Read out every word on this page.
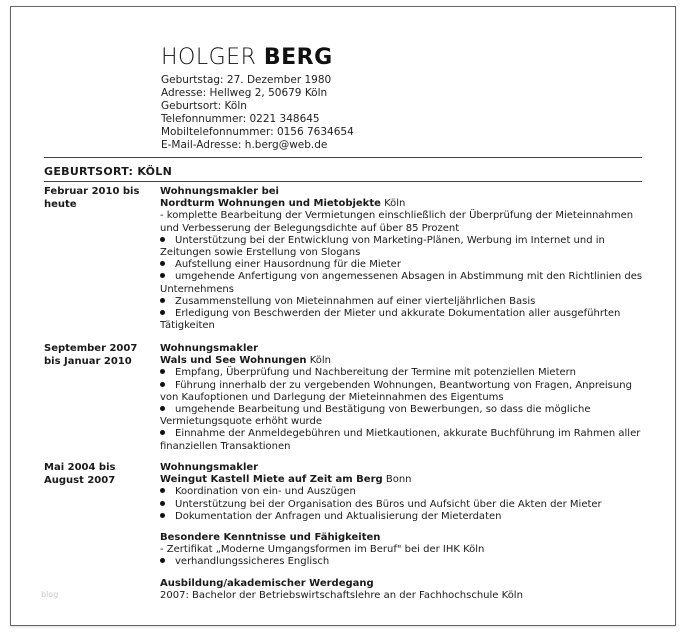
HOLGER BERG
Geburtstag: 27. Dezember 1980
Adresse: Hellweg 2, 50679 Köln
Geburtsort: Köln
Telefonnummer: 0221 348645
Mobiltelefonnummer: 0156 7634654
E-Mail-Adresse: h.berg@web.de
GEBURTSORT: KÖLN
Februar 2010 bis heute
Wohnungsmakler bei
Nordturm Wohnungen und Mietobjekte Köln
- komplette Bearbeitung der Vermietungen einschließlich der Überprüfung der Mieteinnahmen und Verbesserung der Belegungsdichte auf über 85 Prozent
Unterstützung bei der Entwicklung von Marketing-Plänen, Werbung im Internet und in Zeitungen sowie Erstellung von Slogans
Aufstellung einer Hausordnung für die Mieter
umgehende Anfertigung von angemessenen Absagen in Abstimmung mit den Richtlinien des Unternehmens
Zusammenstellung von Mieteinnahmen auf einer vierteljährlichen Basis
Erledigung von Beschwerden der Mieter und akkurate Dokumentation aller ausgeführten Tätigkeiten
September 2007 bis Januar 2010
Wohnungsmakler
Wals und See Wohnungen Köln
Empfang, Überprüfung und Nachbereitung der Termine mit potenziellen Mietern
Führung innerhalb der zu vergebenden Wohnungen, Beantwortung von Fragen, Anpreisung von Kaufoptionen und Darlegung der Mieteinnahmen des Eigentums
umgehende Bearbeitung und Bestätigung von Bewerbungen, so dass die mögliche Vermietungsquote erhöht wurde
Einnahme der Anmeldegebühren und Mietkautionen, akkurate Buchführung im Rahmen aller finanziellen Transaktionen
Mai 2004 bis August 2007
Wohnungsmakler
Weingut Kastell Miete auf Zeit am Berg Bonn
Koordination von ein- und Auszügen
Unterstützung bei der Organisation des Büros und Aufsicht über die Akten der Mieter
Dokumentation der Anfragen und Aktualisierung der Mieterdaten
Besondere Kenntnisse und Fähigkeiten
- Zertifikat „Moderne Umgangsformen im Beruf" bei der IHK Köln
verhandlungssicheres Englisch
Ausbildung/akademischer Werdegang
2007: Bachelor der Betriebswirtschaftslehre an der Fachhochschule Köln
blog
